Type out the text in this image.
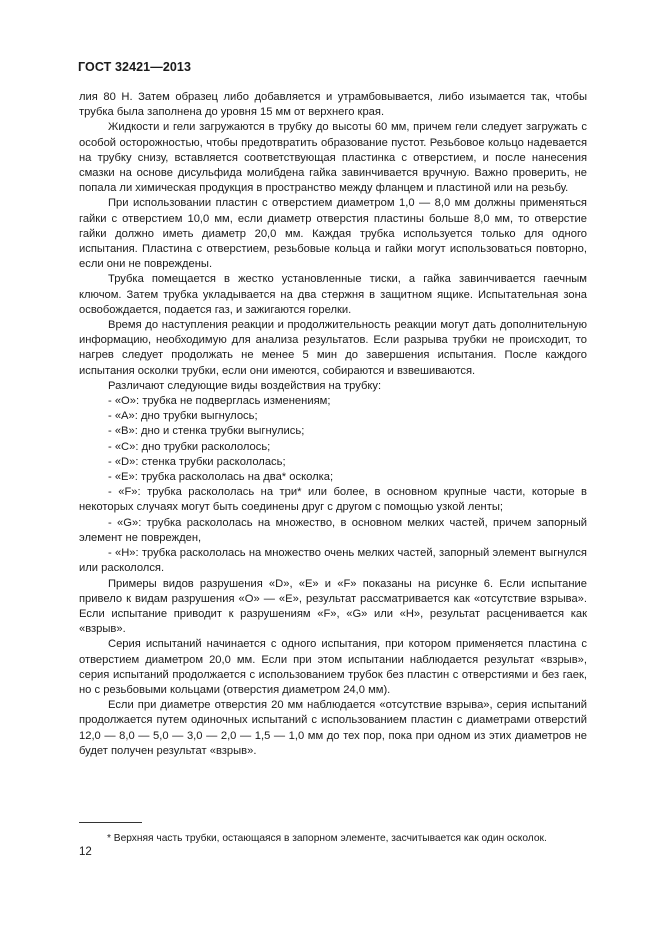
ГОСТ 32421—2013

лия 80 Н. Затем образец либо добавляется и утрамбовывается, либо изымается так, чтобы трубка была заполнена до уровня 15 мм от верхнего края.

Жидкости и гели загружаются в трубку до высоты 60 мм, причем гели следует загружать с особой осторожностью, чтобы предотвратить образование пустот. Резьбовое кольцо надевается на трубку снизу, вставляется соответствующая пластинка с отверстием, и после нанесения смазки на основе дисульфида молибдена гайка завинчивается вручную. Важно проверить, не попала ли химическая продукция в пространство между фланцем и пластиной или на резьбу.

При использовании пластин с отверстием диаметром 1,0 — 8,0 мм должны применяться гайки с отверстием 10,0 мм, если диаметр отверстия пластины больше 8,0 мм, то отверстие гайки должно иметь диаметр 20,0 мм. Каждая трубка используется только для одного испытания. Пластина с отверстием, резьбовые кольца и гайки могут использоваться повторно, если они не повреждены.

Трубка помещается в жестко установленные тиски, а гайка завинчивается гаечным ключом. Затем трубка укладывается на два стержня в защитном ящике. Испытательная зона освобождается, подается газ, и зажигаются горелки.

Время до наступления реакции и продолжительность реакции могут дать дополнительную информацию, необходимую для анализа результатов. Если разрыва трубки не происходит, то нагрев следует продолжать не менее 5 мин до завершения испытания. После каждого испытания осколки трубки, если они имеются, собираются и взвешиваются.

Различают следующие виды воздействия на трубку:

- «O»: трубка не подверглась изменениям;

- «A»: дно трубки выгнулось;

- «B»: дно и стенка трубки выгнулись;

- «C»: дно трубки раскололось;

- «D»: стенка трубки раскололась;

- «E»: трубка раскололась на два* осколка;

- «F»: трубка раскололась на три* или более, в основном крупные части, которые в некоторых случаях могут быть соединены друг с другом с помощью узкой ленты;

- «G»: трубка раскололась на множество, в основном мелких частей, причем запорный элемент не поврежден,

- «H»: трубка раскололась на множество очень мелких частей, запорный элемент выгнулся или раскололся.

Примеры видов разрушения «D», «E» и «F» показаны на рисунке 6. Если испытание привело к видам разрушения «O» — «E», результат рассматривается как «отсутствие взрыва». Если испытание приводит к разрушениям «F», «G» или «H», результат расценивается как «взрыв».

Серия испытаний начинается с одного испытания, при котором применяется пластина с отверстием диаметром 20,0 мм. Если при этом испытании наблюдается результат «взрыв», серия испытаний продолжается с использованием трубок без пластин с отверстиями и без гаек, но с резьбовыми кольцами (отверстия диаметром 24,0 мм).

Если при диаметре отверстия 20 мм наблюдается «отсутствие взрыва», серия испытаний продолжается путем одиночных испытаний с использованием пластин с диаметрами отверстий 12,0 — 8,0 — 5,0 — 3,0 — 2,0 — 1,5 — 1,0 мм до тех пор, пока при одном из этих диаметров не будет получен результат «взрыв».

* Верхняя часть трубки, остающаяся в запорном элементе, засчитывается как один осколок.
12
